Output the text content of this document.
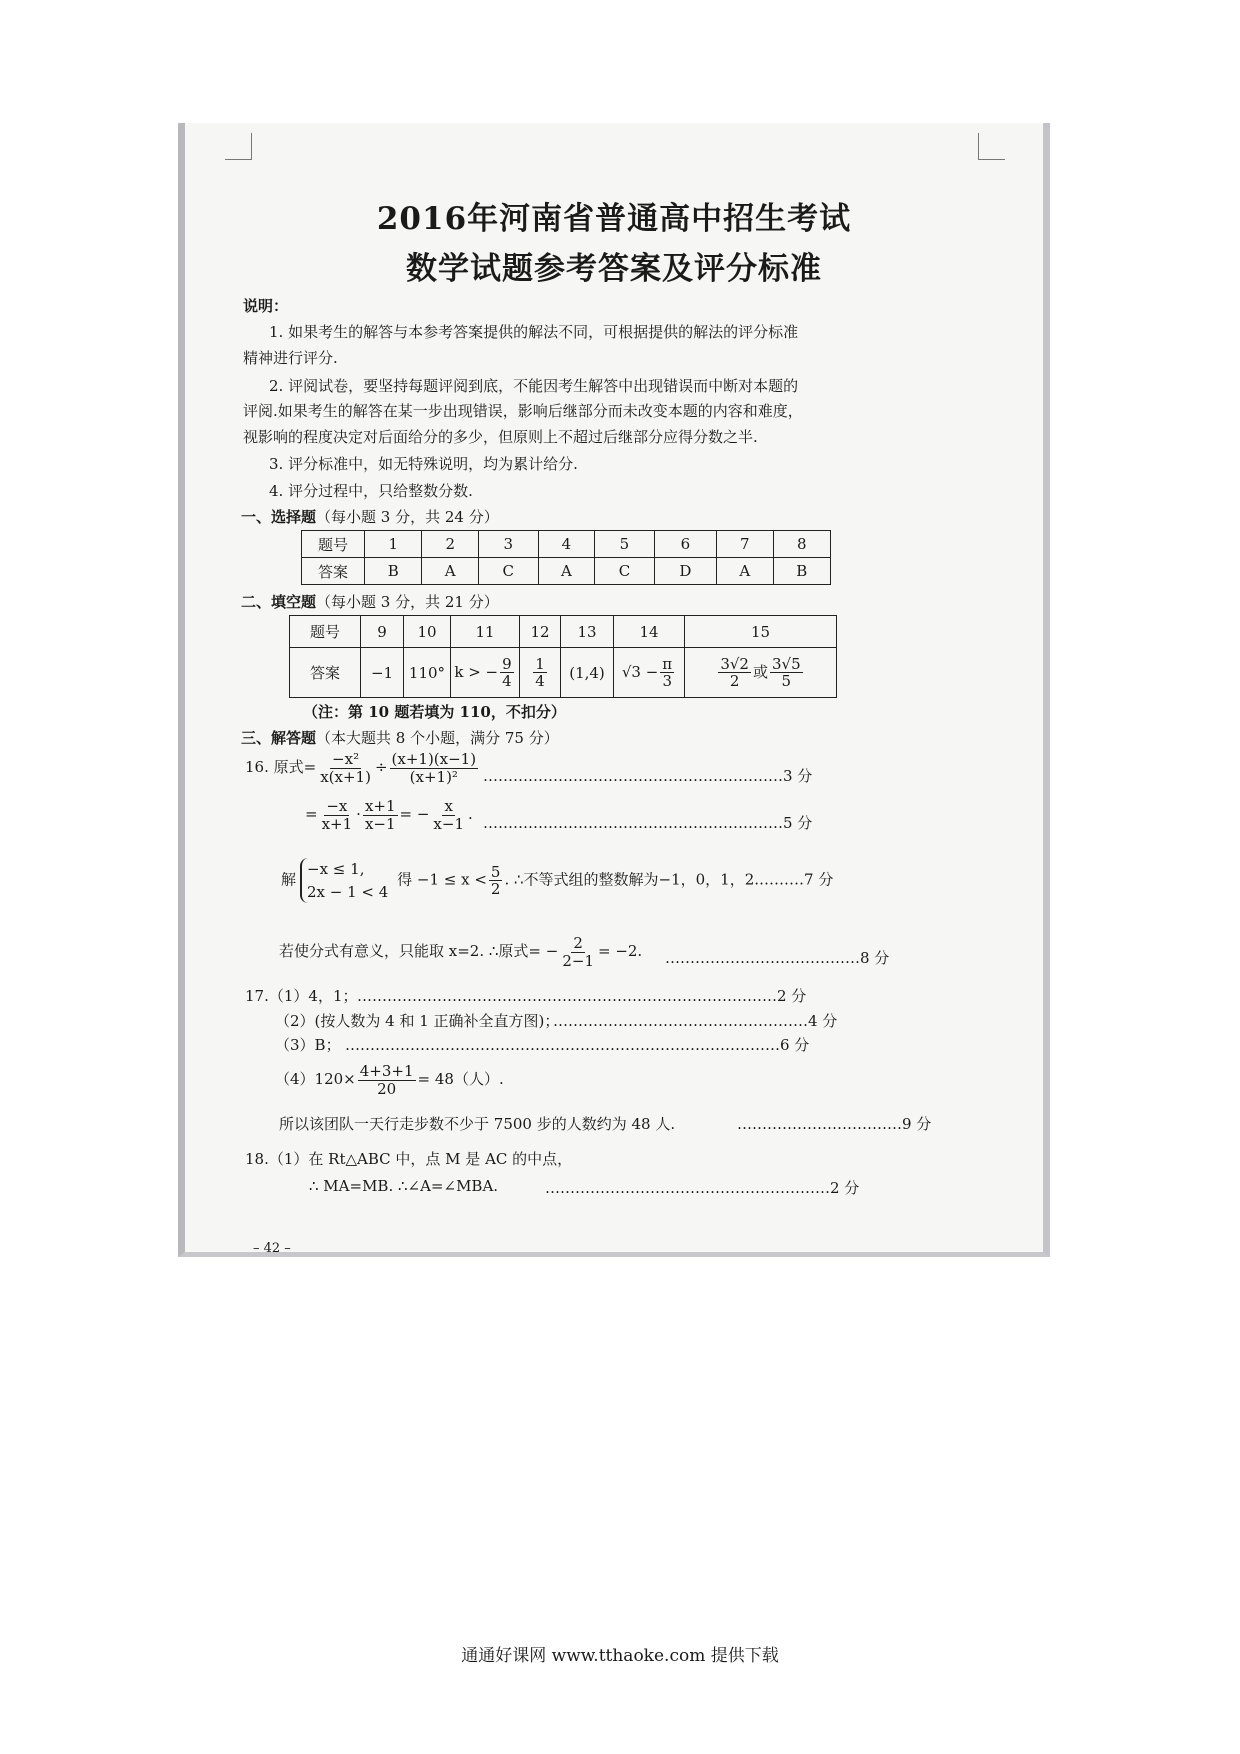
2016年河南省普通高中招生考试
数学试题参考答案及评分标准
说明：
1. 如果考生的解答与本参考答案提供的解法不同，可根据提供的解法的评分标准
精神进行评分.
2. 评阅试卷，要坚持每题评阅到底，不能因考生解答中出现错误而中断对本题的
评阅.如果考生的解答在某一步出现错误，影响后继部分而未改变本题的内容和难度，
视影响的程度决定对后面给分的多少，但原则上不超过后继部分应得分数之半.
3. 评分标准中，如无特殊说明，均为累计给分.
4. 评分过程中，只给整数分数.
一、选择题（每小题 3 分，共 24 分）
题号	1	2	3	4	5	6	7	8
答案	B	A	C	A	C	D	A	B
二、填空题（每小题 3 分，共 21 分）
题号	9	10	11	12	13	14	15
答案	−1	110°	k > − $\frac{9}{4}$	$\frac{1}{4}$	(1,4)	$√3 - \frac{\pi}{3}$	$\frac{3√2}{2}$ 或 $\frac{3√5}{5}$
（注：第 10 题若填为 110，不扣分）
三、解答题（本大题共 8 个小题，满分 75 分）
16. 原式= $\frac{\text{−x²}}{x(x+1)} \div \frac{(x+1)(x-1)}{\text{(x+1)²}}$ ……………………………………………………3 分
= $\frac{-x}{x+1} \cdot \frac{x+1}{x-1}$ = − $\frac{x}{x-1}$ . ……………………………………………………5 分
解
−x ≤ 1,
2x − 1 < 4
得 $-1 \le x < \frac{5}{2}$ . ∴不等式组的整数解为−1，0，1，2.………7 分
若使分式有意义，只能取 x=2. ∴原式= − $\frac{2}{2-1} = -2$. …………………………………8 分
17.（1）4，1； …………………………………………………………………………2 分
（2）(按人数为 4 和 1 正确补全直方图)；
……………………………………………4 分
（3）B； ……………………………………………………………………………6 分
$(4)120\times \frac{4+3+1}{20} = 48$（人）.
所以该团队一天行走步数不少于 7500 步的人数约为 48 人.	……………………………9 分
18.（1）在 Rt△ABC 中，点 M 是 AC 的中点，
∴ MA=MB. ∴∠A=∠MBA.	…………………………………………………2 分
– 42 –
通通好课网 www.tthaoke.com 提供下载
